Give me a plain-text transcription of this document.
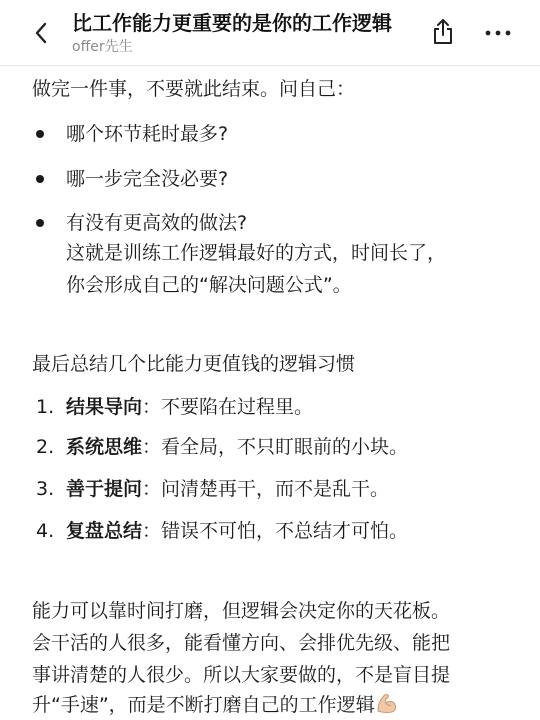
比工作能力更重要的是你的工作逻辑
offer先生
做完一件事，不要就此结束。问自己：
哪个环节耗时最多?
哪一步完全没必要?
有没有更高效的做法?
这就是训练工作逻辑最好的方式，时间长了，
你会形成自己的“解决问题公式”。
最后总结几个比能力更值钱的逻辑习惯
1. 结果导向：不要陷在过程里。
2. 系统思维：看全局，不只盯眼前的小块。
3. 善于提问：问清楚再干，而不是乱干。
4. 复盘总结：错误不可怕，不总结才可怕。
能力可以靠时间打磨，但逻辑会决定你的天花板。
会干活的人很多，能看懂方向、会排优先级、能把
事讲清楚的人很少。所以大家要做的，不是盲目提
升“手速”，而是不断打磨自己的工作逻辑
